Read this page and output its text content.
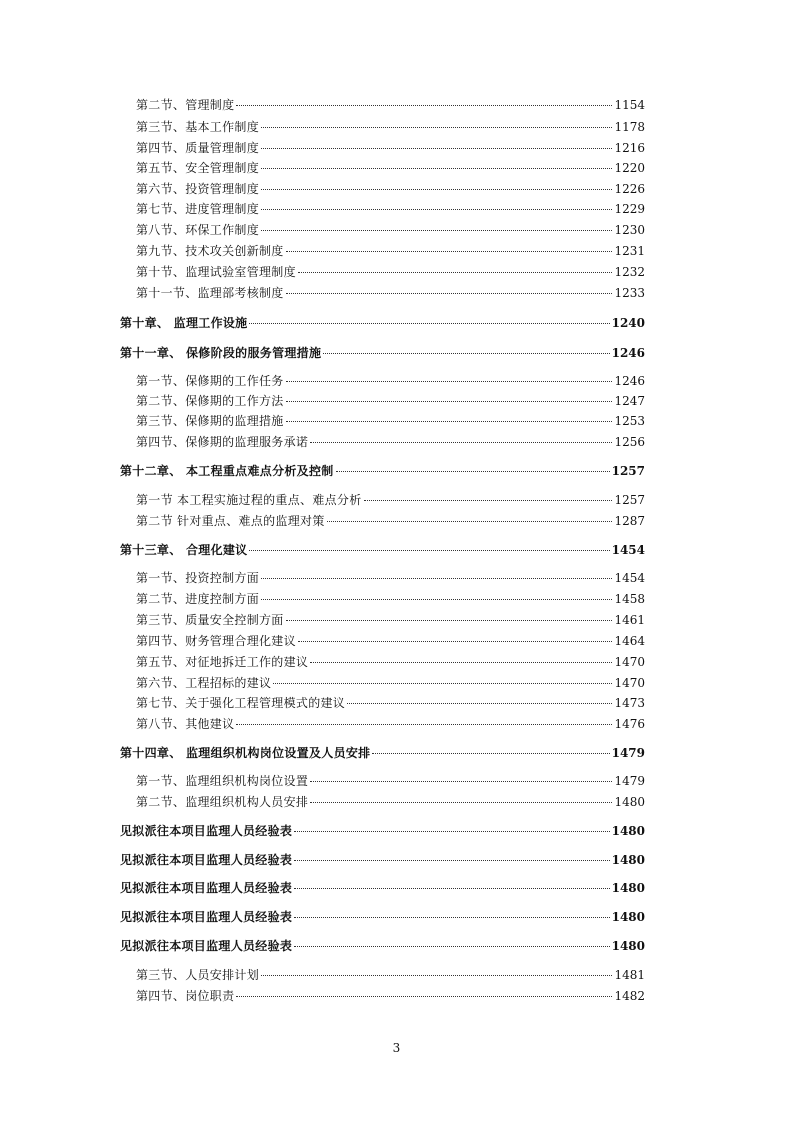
第二节、管理制度	1154
第三节、基本工作制度	1178
第四节、质量管理制度	1216
第五节、安全管理制度	1220
第六节、投资管理制度	1226
第七节、进度管理制度	1229
第八节、环保工作制度	1230
第九节、技术攻关创新制度	1231
第十节、监理试验室管理制度	1232
第十一节、监理部考核制度	1233
第十章、 监理工作设施	1240
第十一章、 保修阶段的服务管理措施	1246
第一节、保修期的工作任务	1246
第二节、保修期的工作方法	1247
第三节、保修期的监理措施	1253
第四节、保修期的监理服务承诺	1256
第十二章、 本工程重点难点分析及控制	1257
第一节 本工程实施过程的重点、难点分析	1257
第二节 针对重点、难点的监理对策	1287
第十三章、 合理化建议	1454
第一节、投资控制方面	1454
第二节、进度控制方面	1458
第三节、质量安全控制方面	1461
第四节、财务管理合理化建议	1464
第五节、对征地拆迁工作的建议	1470
第六节、工程招标的建议	1470
第七节、关于强化工程管理模式的建议	1473
第八节、其他建议	1476
第十四章、 监理组织机构岗位设置及人员安排	1479
第一节、监理组织机构岗位设置	1479
第二节、监理组织机构人员安排	1480
见拟派往本项目监理人员经验表	1480
见拟派往本项目监理人员经验表	1480
见拟派往本项目监理人员经验表	1480
见拟派往本项目监理人员经验表	1480
见拟派往本项目监理人员经验表	1480
第三节、人员安排计划	1481
第四节、岗位职责	1482
3
